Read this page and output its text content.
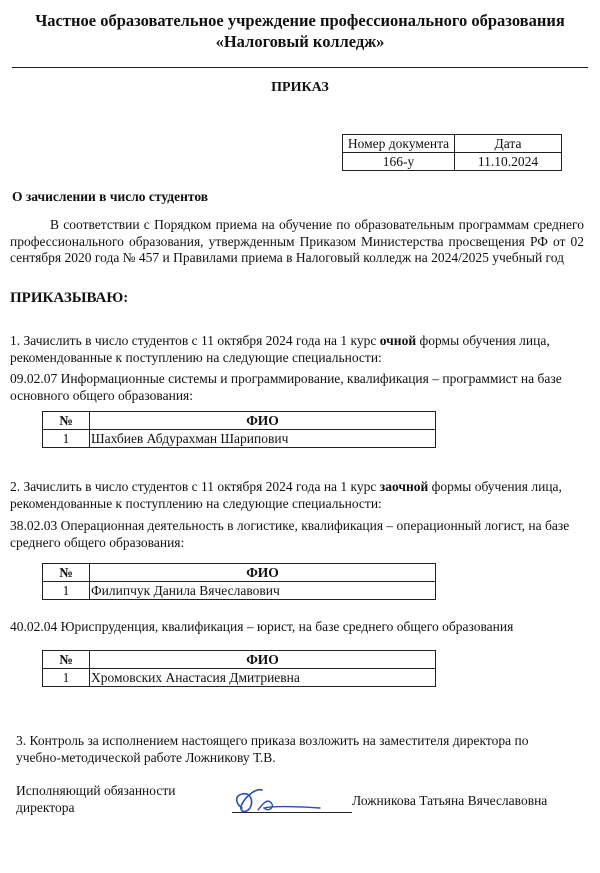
Частное образовательное учреждение профессионального образования
«Налоговый колледж»
ПРИКАЗ
Номер документа	Дата
166-у	11.10.2024
О зачислении в число студентов
В соответствии с Порядком приема на обучение по образовательным программам среднего профессионального образования, утвержденным Приказом Министерства просвещения РФ от 02 сентября 2020 года № 457 и Правилами приема в Налоговый колледж на 2024/2025 учебный год
ПРИКАЗЫВАЮ:
1. Зачислить в число студентов с 11 октября 2024 года на 1 курс очной формы обучения лица, рекомендованные к поступлению на следующие специальности:
09.02.07 Информационные системы и программирование, квалификация – программист на базе основного общего образования:
№	ФИО
1	Шахбиев Абдурахман Шарипович
2. Зачислить в число студентов с 11 октября 2024 года на 1 курс заочной формы обучения лица, рекомендованные к поступлению на следующие специальности:
38.02.03 Операционная деятельность в логистике, квалификация – операционный логист, на базе среднего общего образования:
№	ФИО
1	Филипчук Данила Вячеславович
40.02.04 Юриспруденция, квалификация – юрист, на базе среднего общего образования
№	ФИО
1	Хромовских Анастасия Дмитриевна
3. Контроль за исполнением настоящего приказа возложить на заместителя директора по учебно-методической работе Ложникову Т.В.
Исполняющий обязанности
директора	Ложникова Татьяна Вячеславовна
